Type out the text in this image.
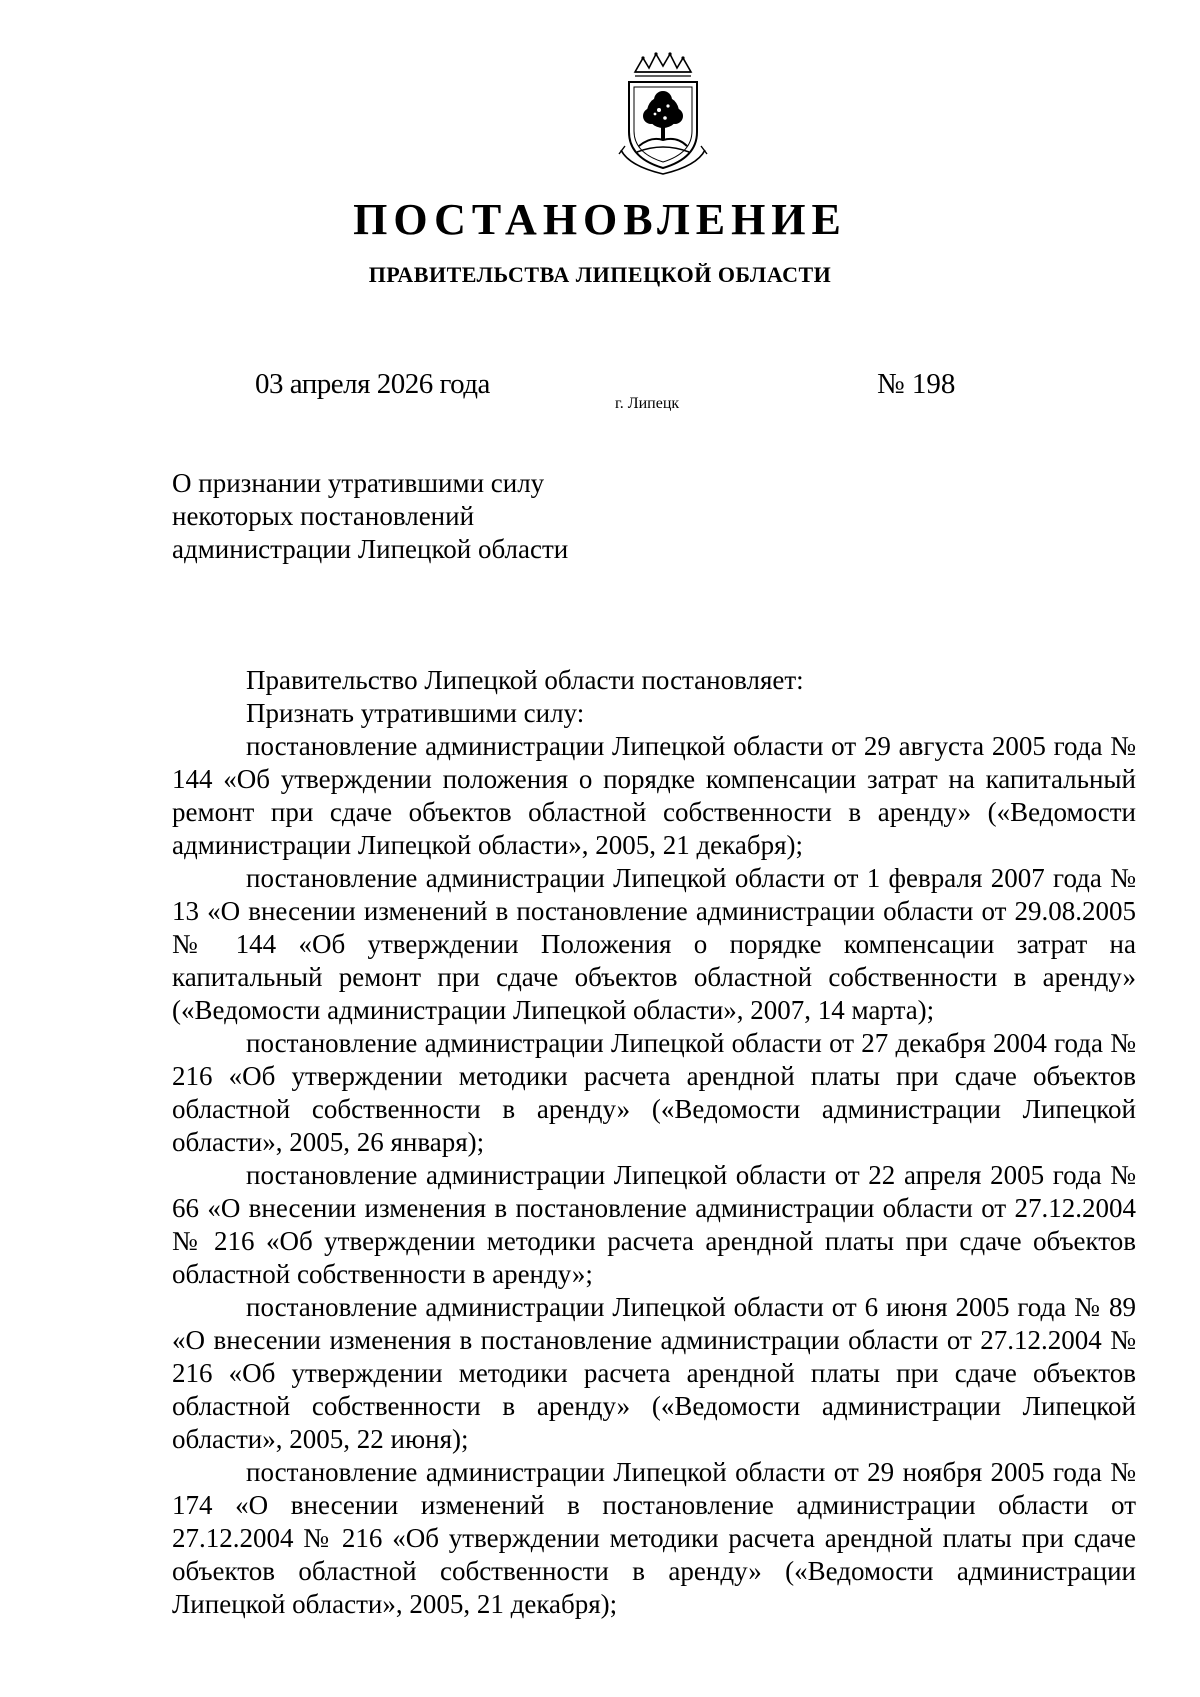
ПОСТАНОВЛЕНИЕ
ПРАВИТЕЛЬСТВА ЛИПЕЦКОЙ ОБЛАСТИ
03 апреля 2026 года
г. Липецк
№ 198
О признании утратившими силу
некоторых постановлений
администрации Липецкой области

Правительство Липецкой области постановляет:

Признать утратившими силу:

постановление администрации Липецкой области от 29 августа 2005 года № 144 «Об утверждении положения о порядке компенсации затрат на капитальный ремонт при сдаче объектов областной собственности в аренду» («Ведомости администрации Липецкой области», 2005, 21 декабря);

постановление администрации Липецкой области от 1 февраля 2007 года № 13 «О внесении изменений в постановление администрации области от 29.08.2005 № 144 «Об утверждении Положения о порядке компенсации затрат на капитальный ремонт при сдаче объектов областной собственности в аренду» («Ведомости администрации Липецкой области», 2007, 14 марта);

постановление администрации Липецкой области от 27 декабря 2004 года № 216 «Об утверждении методики расчета арендной платы при сдаче объектов областной собственности в аренду» («Ведомости администрации Липецкой области», 2005, 26 января);

постановление администрации Липецкой области от 22 апреля 2005 года № 66 «О внесении изменения в постановление администрации области от 27.12.2004 № 216 «Об утверждении методики расчета арендной платы при сдаче объектов областной собственности в аренду»;

постановление администрации Липецкой области от 6 июня 2005 года № 89 «О внесении изменения в постановление администрации области от 27.12.2004 № 216 «Об утверждении методики расчета арендной платы при сдаче объектов областной собственности в аренду» («Ведомости администрации Липецкой области», 2005, 22 июня);

постановление администрации Липецкой области от 29 ноября 2005 года № 174 «О внесении изменений в постановление администрации области от 27.12.2004 № 216 «Об утверждении методики расчета арендной платы при сдаче объектов областной собственности в аренду» («Ведомости администрации Липецкой области», 2005, 21 декабря);
